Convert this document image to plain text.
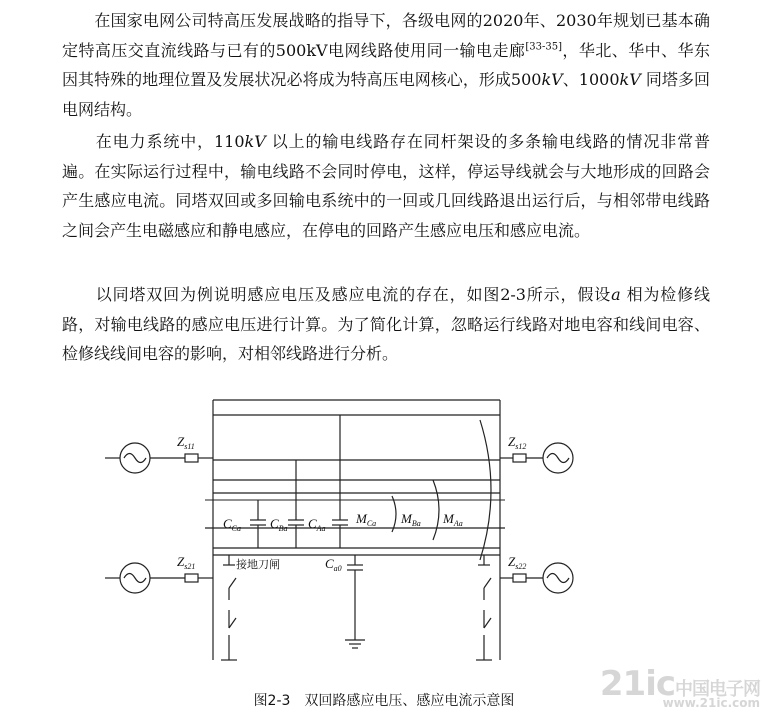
　　在国家电网公司特高压发展战略的指导下，各级电网的2020年、2030年规划已基本确定特高压交直流线路与已有的500kV电网线路使用同一输电走廊[33-35]，华北、华中、华东因其特殊的地理位置及发展状况必将成为特高压电网核心，形成500kV、1000kV 同塔多回电网结构。

　　在电力系统中，110kV 以上的输电线路存在同杆架设的多条输电线路的情况非常普遍。在实际运行过程中，输电线路不会同时停电，这样，停运导线就会与大地形成的回路会产生感应电流。同塔双回或多回输电系统中的一回或几回线路退出运行后，与相邻带电线路之间会产生电磁感应和静电感应，在停电的回路产生感应电压和感应电流。

　　以同塔双回为例说明感应电压及感应电流的存在，如图2-3所示，假设a 相为检修线路，对输电线路的感应电压进行计算。为了简化计算，忽略运行线路对地电容和线间电容、检修线线间电容的影响，对相邻线路进行分析。

$Z_{s11}$	$Z_{s12}$
$Z_{s21}$	$Z_{s22}$
$C_{Ca}$ $C_{Ba}$ $C_{Aa}$
$M_{Ca}$ $M_{Ba}$ $M_{Aa}$
$C_{a0}$
接地刀闸
图2-3　双回路感应电压、感应电流示意图	21ic中国电子网
www.21ic.com
